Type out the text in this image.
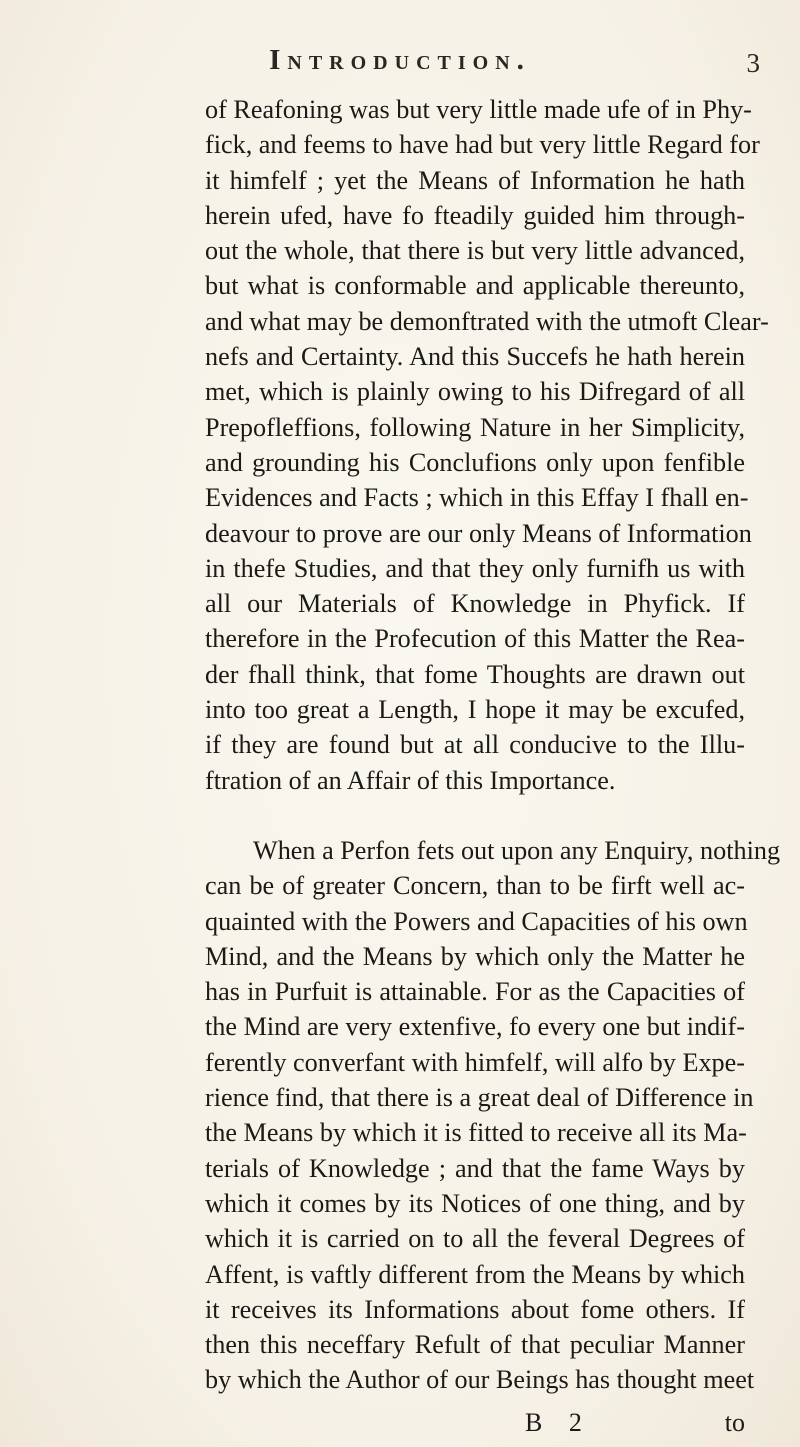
Introduction.	3
of Reafoning was but very little made ufe of in Phy-
fick, and feems to have had but very little Regard for
it himfelf ; yet the Means of Information he hath
herein ufed, have fo fteadily guided him through-
out the whole, that there is but very little advanced,
but what is conformable and applicable thereunto,
and what may be demonftrated with the utmoft Clear-
nefs and Certainty. And this Succefs he hath herein
met, which is plainly owing to his Difregard of all
Prepofleffions, following Nature in her Simplicity,
and grounding his Conclufions only upon fenfible
Evidences and Facts ; which in this Effay I fhall en-
deavour to prove are our only Means of Information
in thefe Studies, and that they only furnifh us with
all our Materials of Knowledge in Phyfick. If
therefore in the Profecution of this Matter the Rea-
der fhall think, that fome Thoughts are drawn out
into too great a Length, I hope it may be excufed,
if they are found but at all conducive to the Illu-
ftration of an Affair of this Importance.
When a Perfon fets out upon any Enquiry, nothing
can be of greater Concern, than to be firft well ac-
quainted with the Powers and Capacities of his own
Mind, and the Means by which only the Matter he
has in Purfuit is attainable. For as the Capacities of
the Mind are very extenfive, fo every one but indif-
ferently converfant with himfelf, will alfo by Expe-
rience find, that there is a great deal of Difference in
the Means by which it is fitted to receive all its Ma-
terials of Knowledge ; and that the fame Ways by
which it comes by its Notices of one thing, and by
which it is carried on to all the feveral Degrees of
Affent, is vaftly different from the Means by which
it receives its Informations about fome others. If
then this neceffary Refult of that peculiar Manner
by which the Author of our Beings has thought meet
B 2	to
